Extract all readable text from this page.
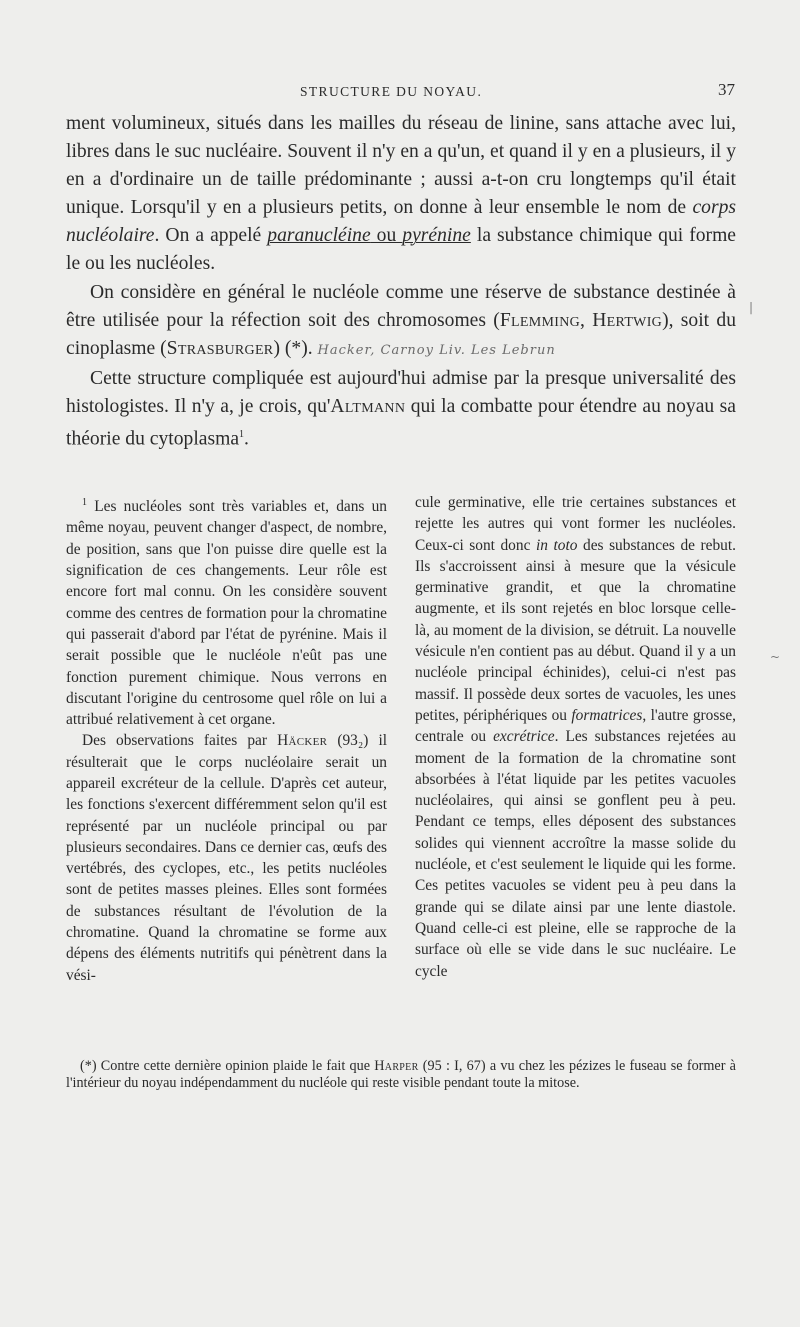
STRUCTURE DU NOYAU.	37

ment volumineux, situés dans les mailles du réseau de linine, sans attache avec lui, libres dans le suc nucléaire. Souvent il n'y en a qu'un, et quand il y en a plusieurs, il y en a d'ordinaire un de taille prédominante ; aussi a-t-on cru longtemps qu'il était unique. Lorsqu'il y en a plusieurs petits, on donne à leur ensemble le nom de corps nucléolaire. On a appelé paranucléine ou pyrénine la substance chimique qui forme le ou les nucléoles.

On considère en général le nucléole comme une réserve de substance destinée à être utilisée pour la réfection soit des chromosomes (Flemming, Hertwig), soit du cinoplasme (Strasburger) (*). Hacker, Carnoy Liv. Les Lebrun

Cette structure compliquée est aujourd'hui admise par la presque universalité des histologistes. Il n'y a, je crois, qu'Altmann qui la combatte pour étendre au noyau sa théorie du cytoplasma$^1$.

$^1$ Les nucléoles sont très variables et, dans un même noyau, peuvent changer d'aspect, de nombre, de position, sans que l'on puisse dire quelle est la signification de ces changements. Leur rôle est encore fort mal connu. On les considère souvent comme des centres de formation pour la chromatine qui passerait d'abord par l'état de pyrénine. Mais il serait possible que le nucléole n'eût pas une fonction purement chimique. Nous verrons en discutant l'origine du centrosome quel rôle on lui a attribué relativement à cet organe.

Des observations faites par Häcker (93₂) il résulterait que le corps nucléolaire serait un appareil excréteur de la cellule. D'après cet auteur, les fonctions s'exercent différemment selon qu'il est représenté par un nucléole principal ou par plusieurs secondaires. Dans ce dernier cas, œufs des vertébrés, des cyclopes, etc., les petits nucléoles sont de petites masses pleines. Elles sont formées de substances résultant de l'évolution de la chromatine. Quand la chromatine se forme aux dépens des éléments nutritifs qui pénètrent dans la vési-

cule germinative, elle trie certaines substances et rejette les autres qui vont former les nucléoles. Ceux-ci sont donc in toto des substances de rebut. Ils s'accroissent ainsi à mesure que la vésicule germinative grandit, et que la chromatine augmente, et ils sont rejetés en bloc lorsque celle-là, au moment de la division, se détruit. La nouvelle vésicule n'en contient pas au début. Quand il y a un nucléole principal échinides), celui-ci n'est pas massif. Il possède deux sortes de vacuoles, les unes petites, périphériques ou formatrices, l'autre grosse, centrale ou excrétrice. Les substances rejetées au moment de la formation de la chromatine sont absorbées à l'état liquide par les petites vacuoles nucléolaires, qui ainsi se gonflent peu à peu. Pendant ce temps, elles déposent des substances solides qui viennent accroître la masse solide du nucléole, et c'est seulement le liquide qui les forme. Ces petites vacuoles se vident peu à peu dans la grande qui se dilate ainsi par une lente diastole. Quand celle-ci est pleine, elle se rapproche de la surface où elle se vide dans le suc nucléaire. Le cycle

(*) Contre cette dernière opinion plaide le fait que Harper (95 : I, 67) a vu chez les pézizes le fuseau se former à l'intérieur du noyau indépendamment du nucléole qui reste visible pendant toute la mitose.
|
~
